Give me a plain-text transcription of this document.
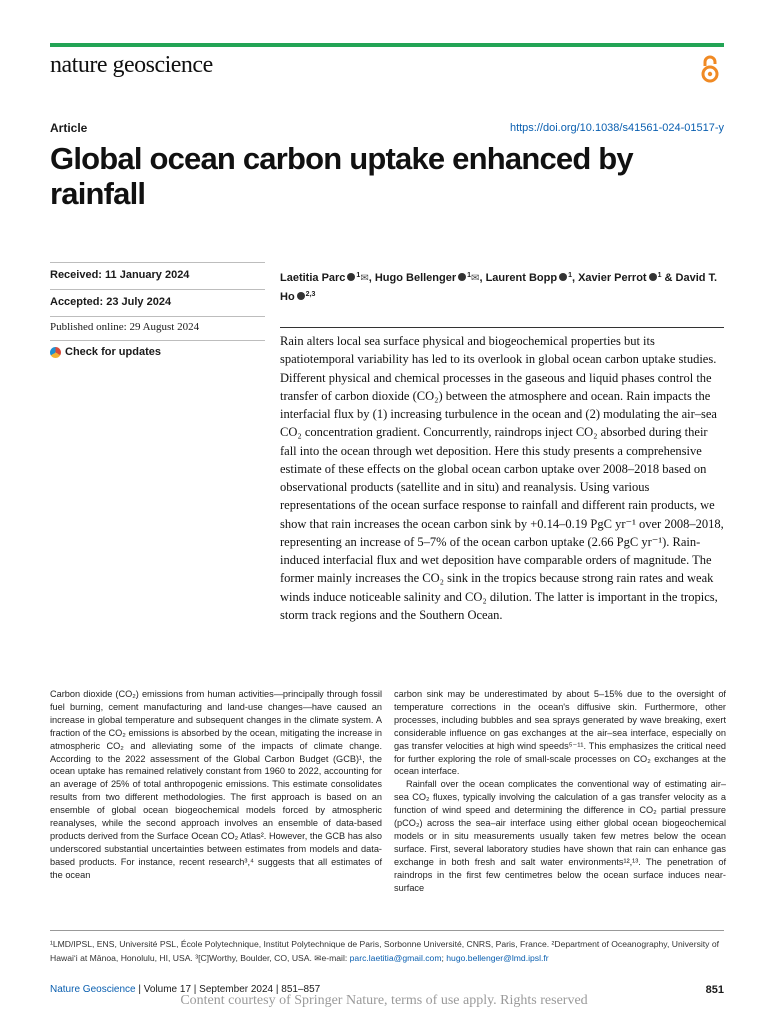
nature geoscience
Article	https://doi.org/10.1038/s41561-024-01517-y
Global ocean carbon uptake enhanced by rainfall
Received: 11 January 2024
Accepted: 23 July 2024
Published online: 29 August 2024
Check for updates
Laetitia Parc $^1$✉, Hugo Bellenger $^1$✉, Laurent Bopp $^1$, Xavier Perrot $^1$ & David T. Ho $^{2,3}$

Rain alters local sea surface physical and biogeochemical properties but its spatiotemporal variability has led to its overlook in global ocean carbon uptake studies. Different physical and chemical processes in the gaseous and liquid phases control the transfer of carbon dioxide (CO₂) between the atmosphere and ocean. Rain impacts the interfacial flux by (1) increasing turbulence in the ocean and (2) modulating the air–sea CO₂ concentration gradient. Concurrently, raindrops inject CO₂ absorbed during their fall into the ocean through wet deposition. Here this study presents a comprehensive estimate of these effects on the global ocean carbon uptake over 2008–2018 based on observational products (satellite and in situ) and reanalysis. Using various representations of the ocean surface response to rainfall and different rain products, we show that rain increases the ocean carbon sink by +0.14–0.19 PgC yr⁻¹ over 2008–2018, representing an increase of 5–7% of the ocean carbon uptake (2.66 PgC yr⁻¹). Rain-induced interfacial flux and wet deposition have comparable orders of magnitude. The former mainly increases the CO₂ sink in the tropics because strong rain rates and weak winds induce noticeable salinity and CO₂ dilution. The latter is important in the tropics, storm track regions and the Southern Ocean.

Carbon dioxide (CO₂) emissions from human activities—principally through fossil fuel burning, cement manufacturing and land-use changes—have caused an increase in global temperature and subsequent changes in the climate system. A fraction of the CO₂ emissions is absorbed by the ocean, mitigating the increase in atmospheric CO₂ and alleviating some of the impacts of climate change. According to the 2022 assessment of the Global Carbon Budget (GCB)¹, the ocean uptake has remained relatively constant from 1960 to 2022, accounting for an average of 25% of total anthropogenic emissions. This estimate consolidates results from two different methodologies. The first approach is based on an ensemble of global ocean biogeochemical models forced by atmospheric reanalyses, while the second approach involves an ensemble of data-based products derived from the Surface Ocean CO₂ Atlas². However, the GCB has also underscored substantial uncertainties between estimates from models and data-based products. For instance, recent research³,⁴ suggests that all estimates of the ocean

carbon sink may be underestimated by about 5–15% due to the oversight of temperature corrections in the ocean's diffusive skin. Furthermore, other processes, including bubbles and sea sprays generated by wave breaking, exert considerable influence on gas exchanges at the air–sea interface, especially on gas transfer velocities at high wind speeds⁵⁻¹¹. This emphasizes the critical need for further exploring the role of small-scale processes on CO₂ exchanges at the ocean interface.

Rainfall over the ocean complicates the conventional way of estimating air–sea CO₂ fluxes, typically involving the calculation of a gas transfer velocity as a function of wind speed and determining the difference in CO₂ partial pressure (pCO₂) across the sea–air interface using either global ocean biogeochemical models or in situ measurements usually taken few metres below the ocean surface. First, several laboratory studies have shown that rain can enhance gas exchange in both fresh and salt water environments¹²,¹³. The penetration of raindrops in the first few centimetres below the ocean surface induces near-surface

¹LMD/IPSL, ENS, Université PSL, École Polytechnique, Institut Polytechnique de Paris, Sorbonne Université, CNRS, Paris, France. ²Department of Oceanography, University of Hawaiʻi at Mānoa, Honolulu, HI, USA. ³[C]Worthy, Boulder, CO, USA. ✉e-mail: parc.laetitia@gmail.com; hugo.bellenger@lmd.ipsl.fr
Nature Geoscience | Volume 17 | September 2024 | 851–857	851
Content courtesy of Springer Nature, terms of use apply. Rights reserved
